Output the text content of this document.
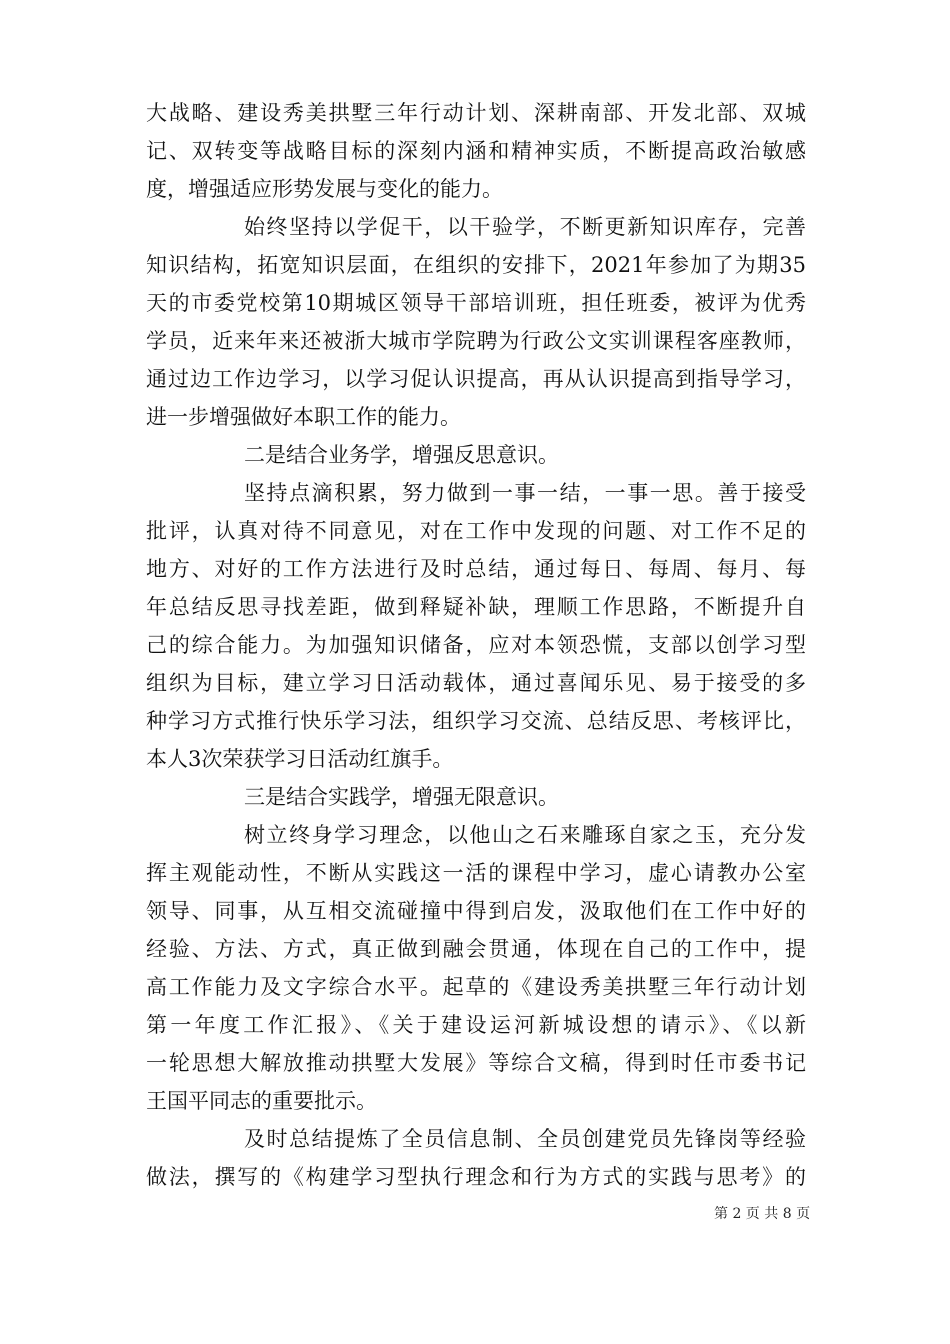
大战略、建设秀美拱墅三年行动计划、深耕南部、开发北部、双城
记、双转变等战略目标的深刻内涵和精神实质，不断提高政治敏感
度，增强适应形势发展与变化的能力。
始终坚持以学促干，以干验学，不断更新知识库存，完善
知识结构，拓宽知识层面，在组织的安排下，2021年参加了为期35
天的市委党校第10期城区领导干部培训班，担任班委，被评为优秀
学员，近来年来还被浙大城市学院聘为行政公文实训课程客座教师，
通过边工作边学习，以学习促认识提高，再从认识提高到指导学习，
进一步增强做好本职工作的能力。
二是结合业务学，增强反思意识。
坚持点滴积累，努力做到一事一结，一事一思。善于接受
批评，认真对待不同意见，对在工作中发现的问题、对工作不足的
地方、对好的工作方法进行及时总结，通过每日、每周、每月、每
年总结反思寻找差距，做到释疑补缺，理顺工作思路，不断提升自
己的综合能力。为加强知识储备，应对本领恐慌，支部以创学习型
组织为目标，建立学习日活动载体，通过喜闻乐见、易于接受的多
种学习方式推行快乐学习法，组织学习交流、总结反思、考核评比，
本人3次荣获学习日活动红旗手。
三是结合实践学，增强无限意识。
树立终身学习理念，以他山之石来雕琢自家之玉，充分发
挥主观能动性，不断从实践这一活的课程中学习，虚心请教办公室
领导、同事，从互相交流碰撞中得到启发，汲取他们在工作中好的
经验、方法、方式，真正做到融会贯通，体现在自己的工作中，提
高工作能力及文字综合水平。起草的《建设秀美拱墅三年行动计划
第一年度工作汇报》、《关于建设运河新城设想的请示》、《以新
一轮思想大解放推动拱墅大发展》等综合文稿，得到时任市委书记
王国平同志的重要批示。
及时总结提炼了全员信息制、全员创建党员先锋岗等经验
做法，撰写的《构建学习型执行理念和行为方式的实践与思考》的
第 2 页 共 8 页
